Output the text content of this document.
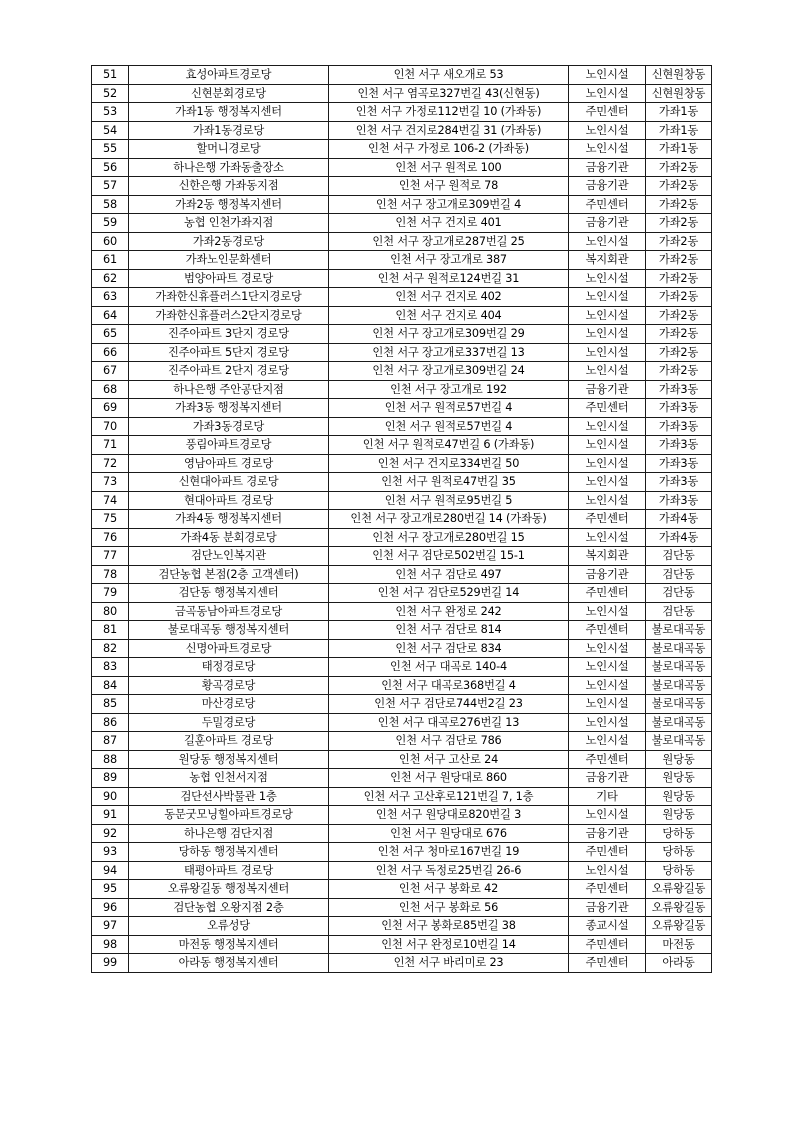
51	효성아파트경로당	인천 서구 새오개로 53	노인시설	신현원창동
52	신현분회경로당	인천 서구 염곡로327번길 43(신현동)	노인시설	신현원창동
53	가좌1동 행정복지센터	인천 서구 가정로112번길 10 (가좌동)	주민센터	가좌1동
54	가좌1동경로당	인천 서구 건지로284번길 31 (가좌동)	노인시설	가좌1동
55	할머니경로당	인천 서구 가정로 106-2 (가좌동)	노인시설	가좌1동
56	하나은행 가좌동출장소	인천 서구 원적로 100	금융기관	가좌2동
57	신한은행 가좌동지점	인천 서구 원적로 78	금융기관	가좌2동
58	가좌2동 행정복지센터	인천 서구 장고개로309번길 4	주민센터	가좌2동
59	농협 인천가좌지점	인천 서구 건지로 401	금융기관	가좌2동
60	가좌2동경로당	인천 서구 장고개로287번길 25	노인시설	가좌2동
61	가좌노인문화센터	인천 서구 장고개로 387	복지회관	가좌2동
62	범양아파트 경로당	인천 서구 원적로124번길 31	노인시설	가좌2동
63	가좌한신휴플러스1단지경로당	인천 서구 건지로 402	노인시설	가좌2동
64	가좌한신휴플러스2단지경로당	인천 서구 건지로 404	노인시설	가좌2동
65	진주아파트 3단지 경로당	인천 서구 장고개로309번길 29	노인시설	가좌2동
66	진주아파트 5단지 경로당	인천 서구 장고개로337번길 13	노인시설	가좌2동
67	진주아파트 2단지 경로당	인천 서구 장고개로309번길 24	노인시설	가좌2동
68	하나은행 주안공단지점	인천 서구 장고개로 192	금융기관	가좌3동
69	가좌3동 행정복지센터	인천 서구 원적로57번길 4	주민센터	가좌3동
70	가좌3동경로당	인천 서구 원적로57번길 4	노인시설	가좌3동
71	풍림아파트경로당	인천 서구 원적로47번길 6 (가좌동)	노인시설	가좌3동
72	영남아파트 경로당	인천 서구 건지로334번길 50	노인시설	가좌3동
73	신현대아파트 경로당	인천 서구 원적로47번길 35	노인시설	가좌3동
74	현대아파트 경로당	인천 서구 원적로95번길 5	노인시설	가좌3동
75	가좌4동 행정복지센터	인천 서구 장고개로280번길 14 (가좌동)	주민센터	가좌4동
76	가좌4동 분회경로당	인천 서구 장고개로280번길 15	노인시설	가좌4동
77	검단노인복지관	인천 서구 검단로502번길 15-1	복지회관	검단동
78	검단농협 본점(2층 고객센터)	인천 서구 검단로 497	금융기관	검단동
79	검단동 행정복지센터	인천 서구 검단로529번길 14	주민센터	검단동
80	금곡동남아파트경로당	인천 서구 완정로 242	노인시설	검단동
81	불로대곡동 행정복지센터	인천 서구 검단로 814	주민센터	불로대곡동
82	신명아파트경로당	인천 서구 검단로 834	노인시설	불로대곡동
83	태정경로당	인천 서구 대곡로 140-4	노인시설	불로대곡동
84	황곡경로당	인천 서구 대곡로368번길 4	노인시설	불로대곡동
85	마산경로당	인천 서구 검단로744번2길 23	노인시설	불로대곡동
86	두밀경로당	인천 서구 대곡로276번길 13	노인시설	불로대곡동
87	길훈아파트 경로당	인천 서구 검단로 786	노인시설	불로대곡동
88	원당동 행정복지센터	인천 서구 고산로 24	주민센터	원당동
89	농협 인천서지점	인천 서구 원당대로 860	금융기관	원당동
90	검단선사박물관 1층	인천 서구 고산후로121번길 7, 1층	기타	원당동
91	동문굿모닝힐아파트경로당	인천 서구 원당대로820번길 3	노인시설	원당동
92	하나은행 검단지점	인천 서구 원당대로 676	금융기관	당하동
93	당하동 행정복지센터	인천 서구 청마로167번길 19	주민센터	당하동
94	태평아파트 경로당	인천 서구 독정로25번길 26-6	노인시설	당하동
95	오류왕길동 행정복지센터	인천 서구 봉화로 42	주민센터	오류왕길동
96	검단농협 오왕지점 2층	인천 서구 봉화로 56	금융기관	오류왕길동
97	오류성당	인천 서구 봉화로85번길 38	종교시설	오류왕길동
98	마전동 행정복지센터	인천 서구 완정로10번길 14	주민센터	마전동
99	아라동 행정복지센터	인천 서구 바리미로 23	주민센터	아라동
